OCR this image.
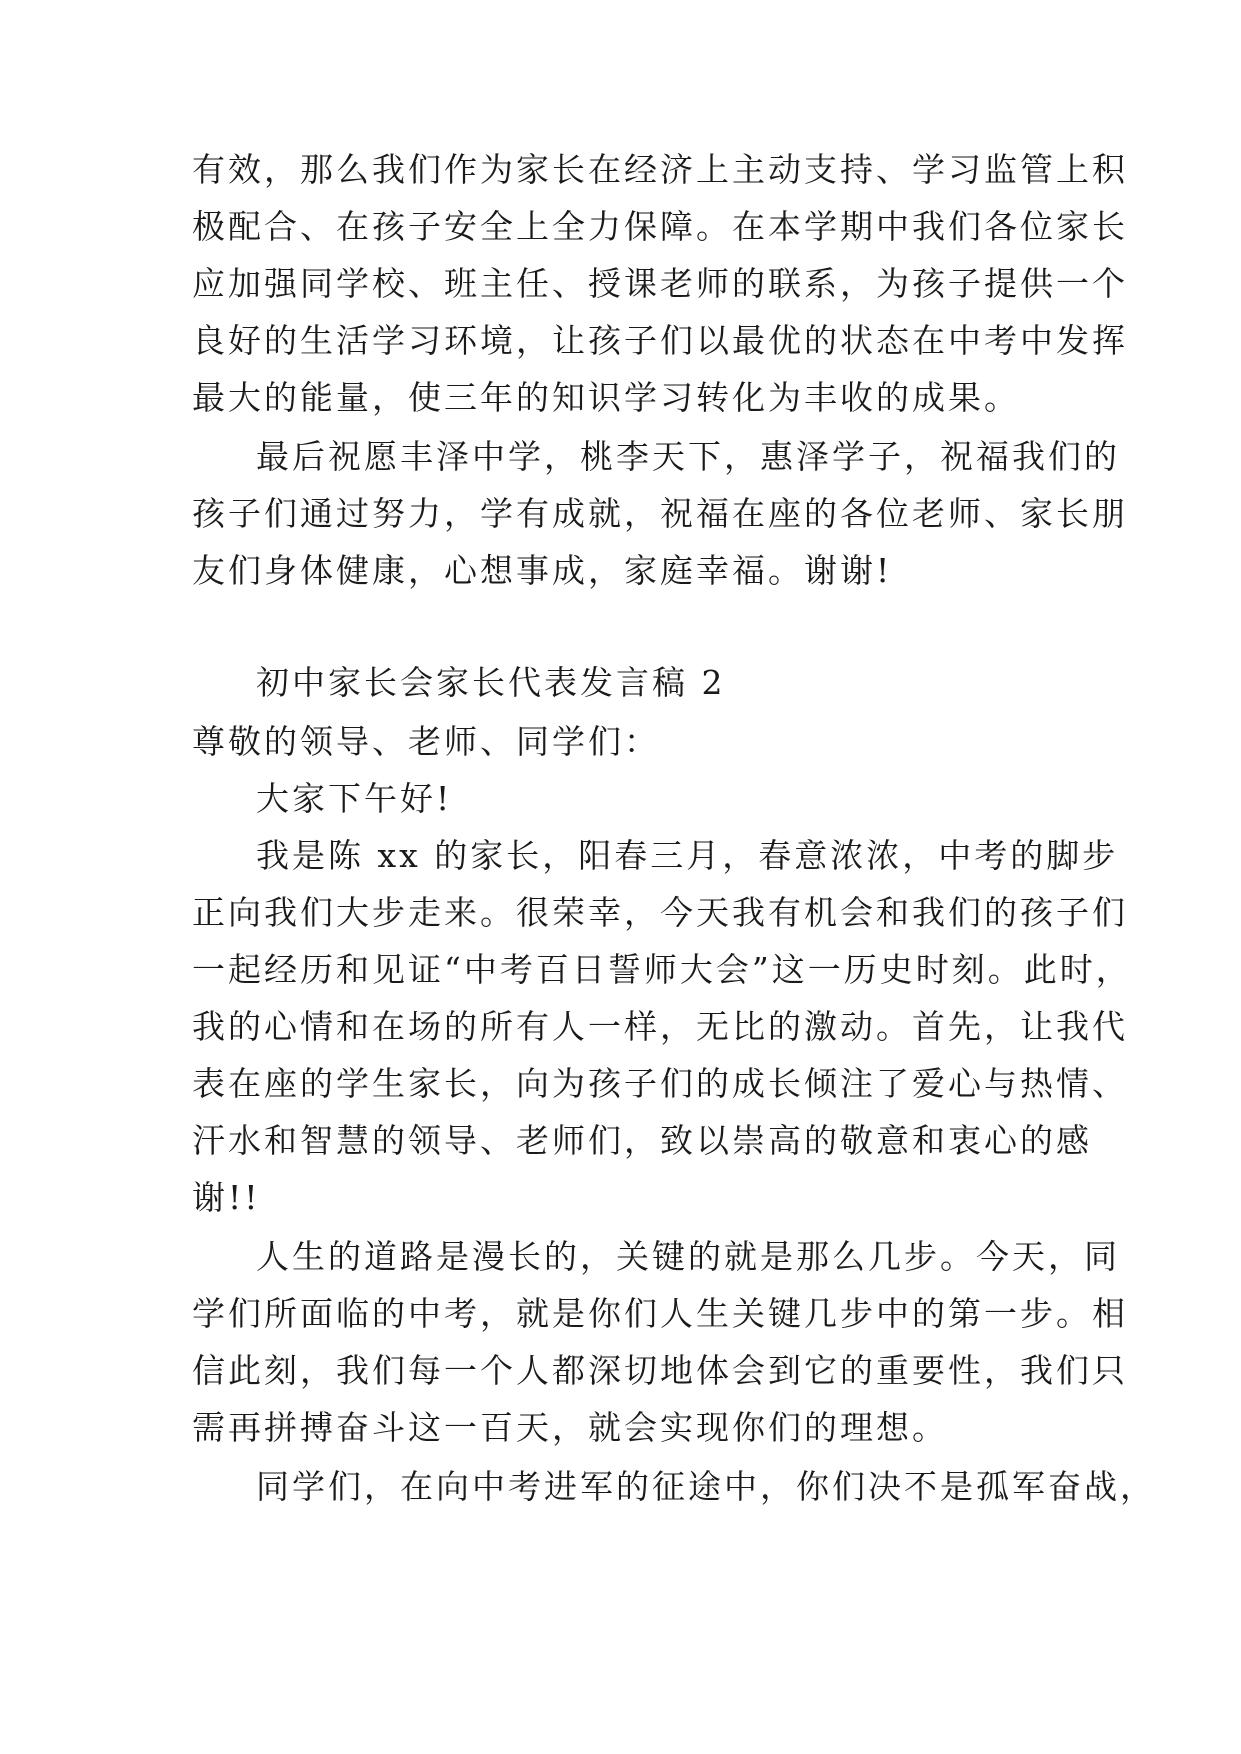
有效，那么我们作为家长在经济上主动支持、学习监管上积
极配合、在孩子安全上全力保障。在本学期中我们各位家长
应加强同学校、班主任、授课老师的联系，为孩子提供一个
良好的生活学习环境，让孩子们以最优的状态在中考中发挥
最大的能量，使三年的知识学习转化为丰收的成果。
最后祝愿丰泽中学，桃李天下，惠泽学子，祝福我们的
孩子们通过努力，学有成就，祝福在座的各位老师、家长朋
友们身体健康，心想事成，家庭幸福。谢谢!
初中家长会家长代表发言稿 2
尊敬的领导、老师、同学们：
大家下午好!
我是陈 xx 的家长，阳春三月，春意浓浓，中考的脚步
正向我们大步走来。很荣幸，今天我有机会和我们的孩子们
一起经历和见证“中考百日誓师大会”这一历史时刻。此时，
我的心情和在场的所有人一样，无比的激动。首先，让我代
表在座的学生家长，向为孩子们的成长倾注了爱心与热情、
汗水和智慧的领导、老师们，致以崇高的敬意和衷心的感
谢!!
人生的道路是漫长的，关键的就是那么几步。今天，同
学们所面临的中考，就是你们人生关键几步中的第一步。相
信此刻，我们每一个人都深切地体会到它的重要性，我们只
需再拼搏奋斗这一百天，就会实现你们的理想。
同学们，在向中考进军的征途中，你们决不是孤军奋战，
